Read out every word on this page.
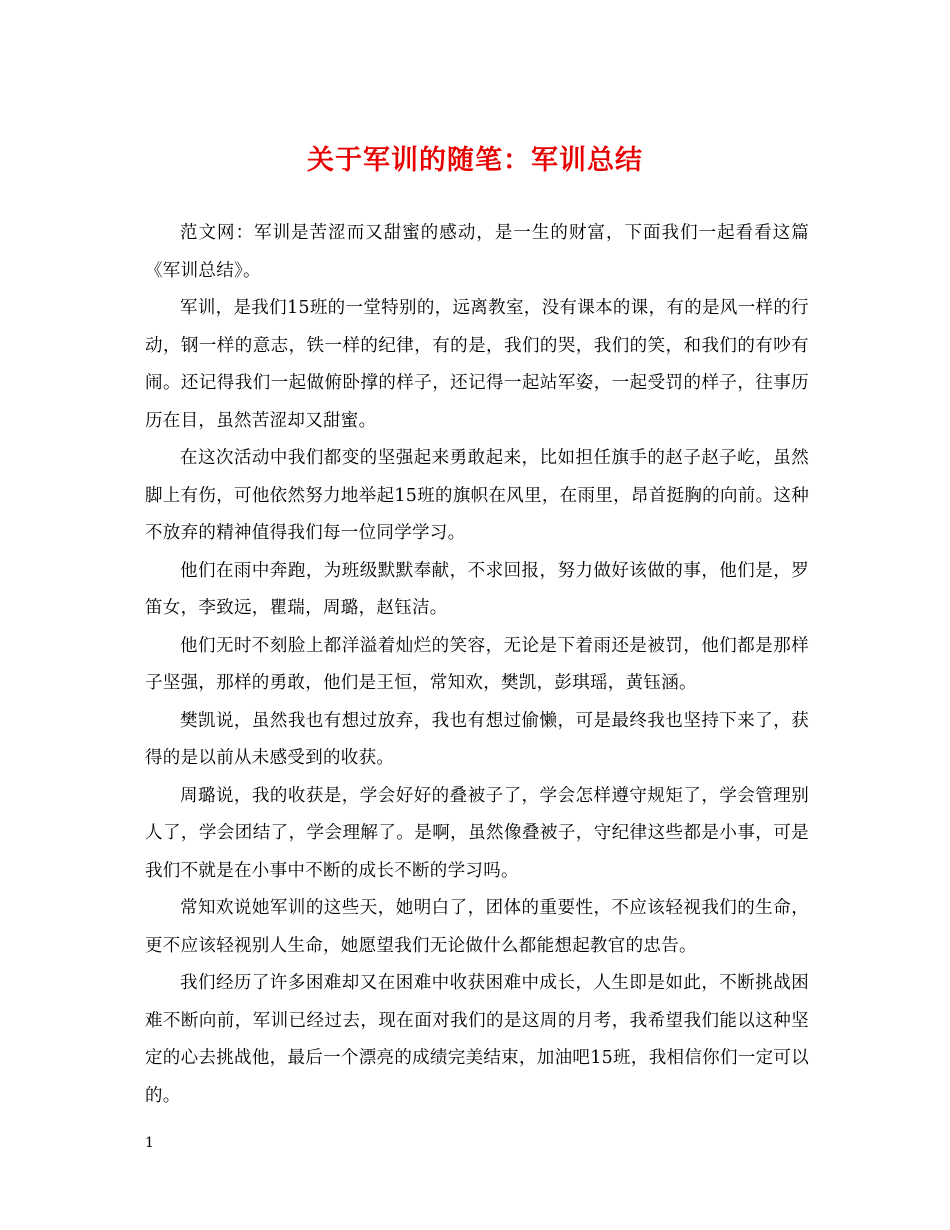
关于军训的随笔：军训总结

范文网：军训是苦涩而又甜蜜的感动，是一生的财富，下面我们一起看看这篇《军训总结》。

军训，是我们15班的一堂特别的，远离教室，没有课本的课，有的是风一样的行动，钢一样的意志，铁一样的纪律，有的是，我们的哭，我们的笑，和我们的有吵有闹。还记得我们一起做俯卧撑的样子，还记得一起站军姿，一起受罚的样子，往事历历在目，虽然苦涩却又甜蜜。

在这次活动中我们都变的坚强起来勇敢起来，比如担任旗手的赵子赵子屹，虽然脚上有伤，可他依然努力地举起15班的旗帜在风里，在雨里，昂首挺胸的向前。这种不放弃的精神值得我们每一位同学学习。

他们在雨中奔跑，为班级默默奉献，不求回报，努力做好该做的事，他们是，罗笛女，李致远，瞿瑞，周璐，赵钰洁。

他们无时不刻脸上都洋溢着灿烂的笑容，无论是下着雨还是被罚，他们都是那样子坚强，那样的勇敢，他们是王恒，常知欢，樊凯，彭琪瑶，黄钰涵。

樊凯说，虽然我也有想过放弃，我也有想过偷懒，可是最终我也坚持下来了，获得的是以前从未感受到的收获。

周璐说，我的收获是，学会好好的叠被子了，学会怎样遵守规矩了，学会管理别人了，学会团结了，学会理解了。是啊，虽然像叠被子，守纪律这些都是小事，可是我们不就是在小事中不断的成长不断的学习吗。

常知欢说她军训的这些天，她明白了，团体的重要性，不应该轻视我们的生命，更不应该轻视别人生命，她愿望我们无论做什么都能想起教官的忠告。

我们经历了许多困难却又在困难中收获困难中成长，人生即是如此，不断挑战困难不断向前，军训已经过去，现在面对我们的是这周的月考，我希望我们能以这种坚定的心去挑战他，最后一个漂亮的成绩完美结束，加油吧15班，我相信你们一定可以的。

1
